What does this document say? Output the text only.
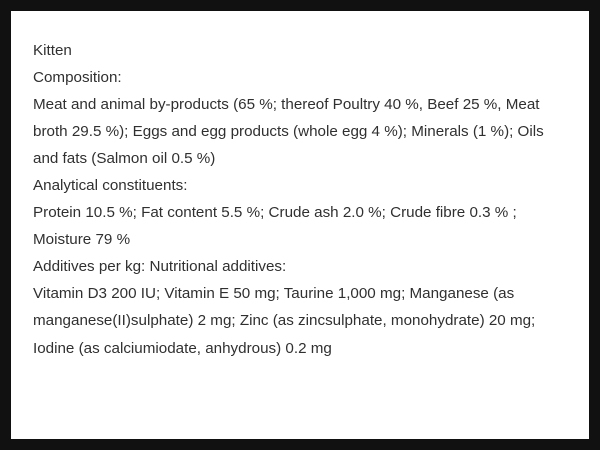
Kitten
Composition:
Meat and animal by-products (65 %; thereof Poultry 40 %, Beef 25 %, Meat broth 29.5 %); Eggs and egg products (whole egg 4 %); Minerals (1 %); Oils and fats (Salmon oil 0.5 %)
Analytical constituents:
Protein 10.5 %; Fat content 5.5 %; Crude ash 2.0 %; Crude fibre 0.3 % ; Moisture 79 %
Additives per kg: Nutritional additives:
Vitamin D3 200 IU; Vitamin E 50 mg; Taurine 1,000 mg; Manganese (as manganese(II)sulphate) 2 mg; Zinc (as zincsulphate, monohydrate) 20 mg; Iodine (as calciumiodate, anhydrous) 0.2 mg
